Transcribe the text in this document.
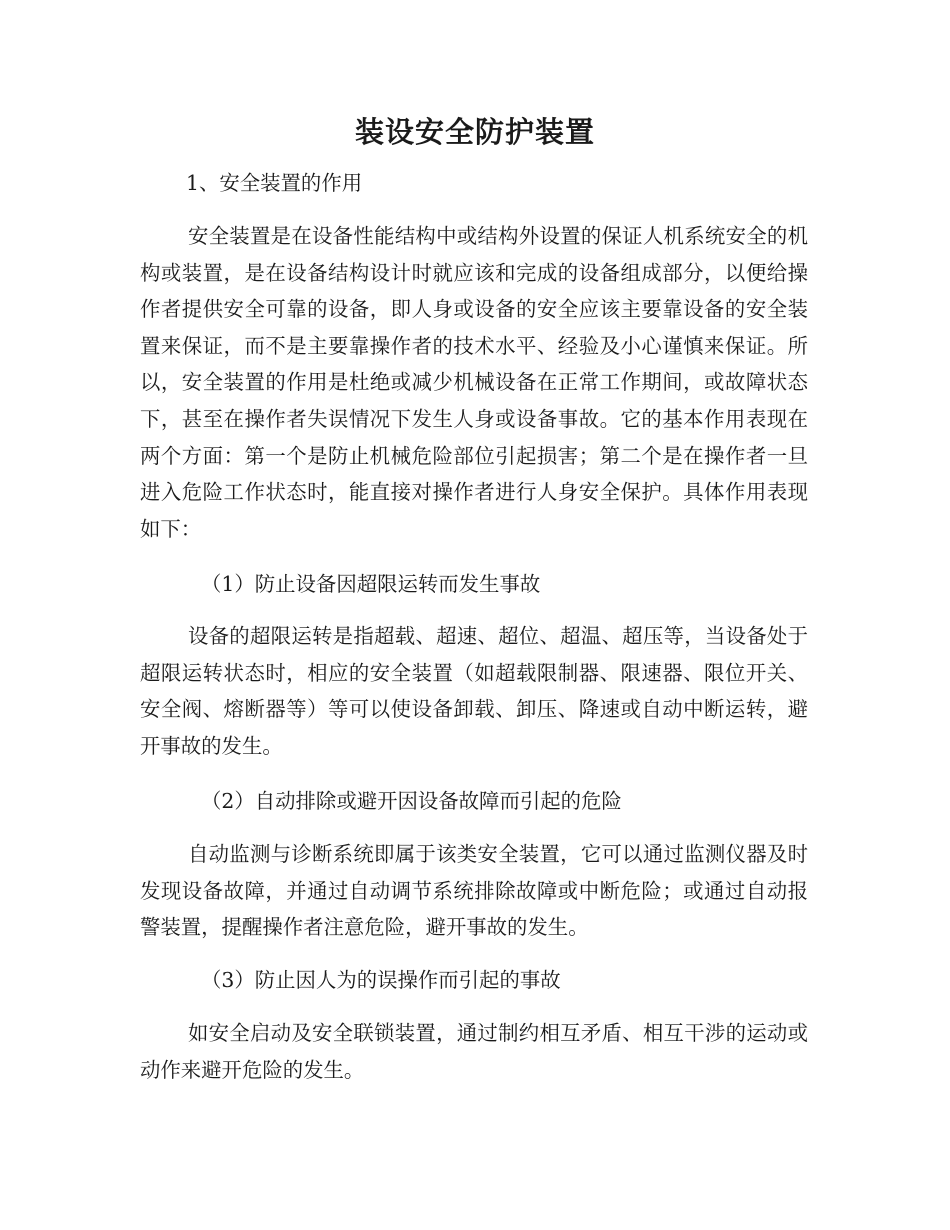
装设安全防护装置

1、安全装置的作用

安全装置是在设备性能结构中或结构外设置的保证人机系统安全的机构或装置，是在设备结构设计时就应该和完成的设备组成部分，以便给操作者提供安全可靠的设备，即人身或设备的安全应该主要靠设备的安全装置来保证，而不是主要靠操作者的技术水平、经验及小心谨慎来保证。所以，安全装置的作用是杜绝或减少机械设备在正常工作期间，或故障状态下，甚至在操作者失误情况下发生人身或设备事故。它的基本作用表现在两个方面：第一个是防止机械危险部位引起损害；第二个是在操作者一旦进入危险工作状态时，能直接对操作者进行人身安全保护。具体作用表现如下：

（1）防止设备因超限运转而发生事故

设备的超限运转是指超载、超速、超位、超温、超压等，当设备处于超限运转状态时，相应的安全装置（如超载限制器、限速器、限位开关、安全阀、熔断器等）等可以使设备卸载、卸压、降速或自动中断运转，避开事故的发生。

（2）自动排除或避开因设备故障而引起的危险

自动监测与诊断系统即属于该类安全装置，它可以通过监测仪器及时发现设备故障，并通过自动调节系统排除故障或中断危险；或通过自动报警装置，提醒操作者注意危险，避开事故的发生。

（3）防止因人为的误操作而引起的事故

如安全启动及安全联锁装置，通过制约相互矛盾、相互干涉的运动或动作来避开危险的发生。
